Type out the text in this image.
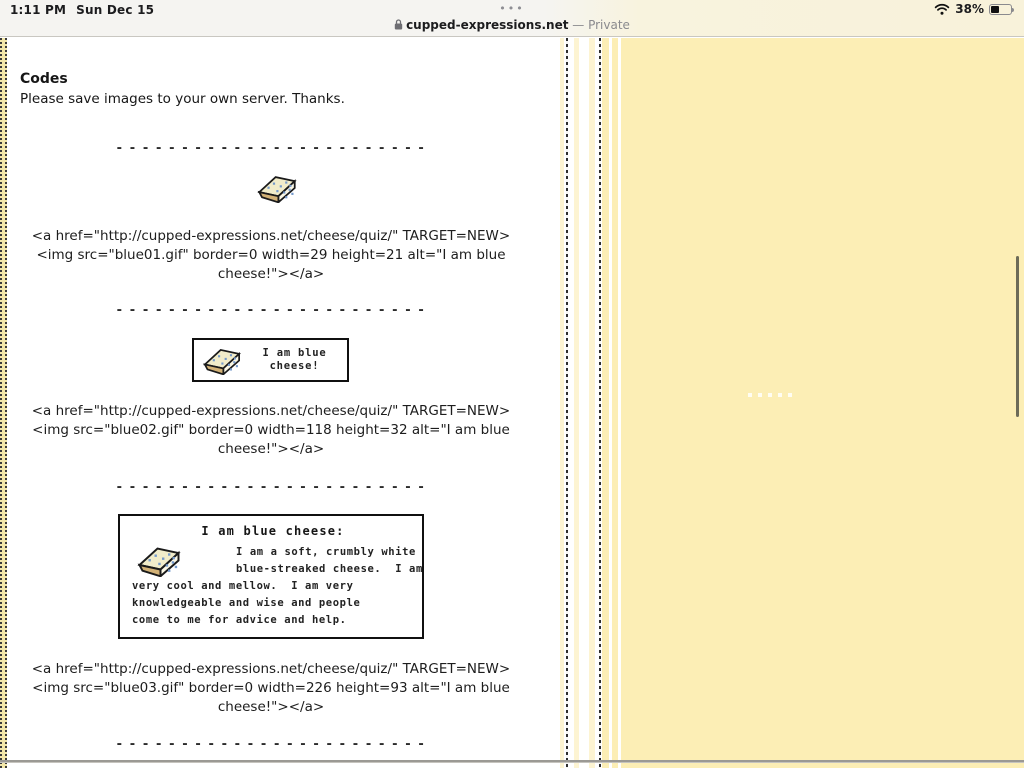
1:11 PM Sun Dec 15	•••	38%
cupped-expressions.net — Private
Codes
Please save images to your own server. Thanks.
- - - - - - - - - - - - - - - - - - - - - - - -
<a href="http://cupped-expressions.net/cheese/quiz/" TARGET=NEW>
<img src="blue01.gif" border=0 width=29 height=21 alt="I am blue
cheese!"></a>
- - - - - - - - - - - - - - - - - - - - - - - -
I am blue
cheese!
<a href="http://cupped-expressions.net/cheese/quiz/" TARGET=NEW>
<img src="blue02.gif" border=0 width=118 height=32 alt="I am blue
cheese!"></a>
- - - - - - - - - - - - - - - - - - - - - - - -
I am blue cheese:
I am a soft, crumbly white
blue-streaked cheese.  I am
very cool and mellow.  I am very
knowledgeable and wise and people
come to me for advice and help.
<a href="http://cupped-expressions.net/cheese/quiz/" TARGET=NEW>
<img src="blue03.gif" border=0 width=226 height=93 alt="I am blue
cheese!"></a>
- - - - - - - - - - - - - - - - - - - - - - - -
